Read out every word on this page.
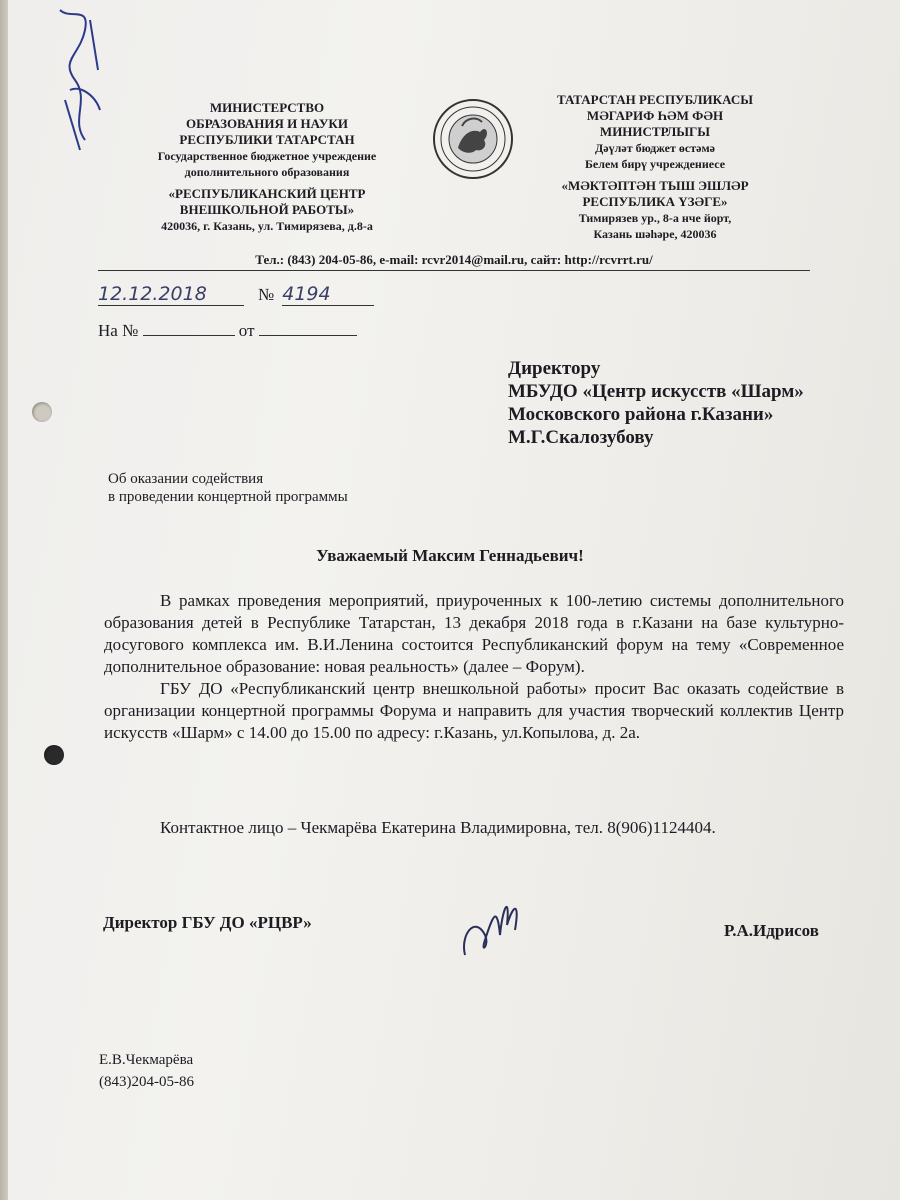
МИНИСТЕРСТВО
ОБРАЗОВАНИЯ И НАУКИ
РЕСПУБЛИКИ ТАТАРСТАН
Государственное бюджетное учреждение
дополнительного образования
«РЕСПУБЛИКАНСКИЙ ЦЕНТР
ВНЕШКОЛЬНОЙ РАБОТЫ»
420036, г. Казань, ул. Тимирязева, д.8-а
ТАТАРСТАН РЕСПУБЛИКАСЫ
МӘГАРИФ ҺӘМ ФӘН
МИНИСТРЛЫГЫ
Дәүләт бюджет өстәмә
Белем бирү учреждениесе
«МӘКТӘПТӘН ТЫШ ЭШЛӘР
РЕСПУБЛИКА ҮЗӘГЕ»
Тимирязев ур., 8-а нче йорт,
Казань шәһәре, 420036
Тел.: (843) 204-05-86, e-mail: rcvr2014@mail.ru, сайт: http://rcvrrt.ru/
12.12.2018	№ 4194
На №	от
Директору
МБУДО «Центр искусств «Шарм»
Московского района г.Казани»
М.Г.Скалозубову
Об оказании содействия
в проведении концертной программы
Уважаемый Максим Геннадьевич!

В рамках проведения мероприятий, приуроченных к 100-летию системы дополнительного образования детей в Республике Татарстан, 13 декабря 2018 года в г.Казани на базе культурно-досугового комплекса им. В.И.Ленина состоится Республиканский форум на тему «Современное дополнительное образование: новая реальность» (далее – Форум).

ГБУ ДО «Республиканский центр внешкольной работы» просит Вас оказать содействие в организации концертной программы Форума и направить для участия творческий коллектив Центр искусств «Шарм» с 14.00 до 15.00 по адресу: г.Казань, ул.Копылова, д. 2а.

Контактное лицо – Чекмарёва Екатерина Владимировна, тел. 8(906)1124404.
Директор ГБУ ДО «РЦВР»	Р.А.Идрисов
Е.В.Чекмарёва
(843)204-05-86
